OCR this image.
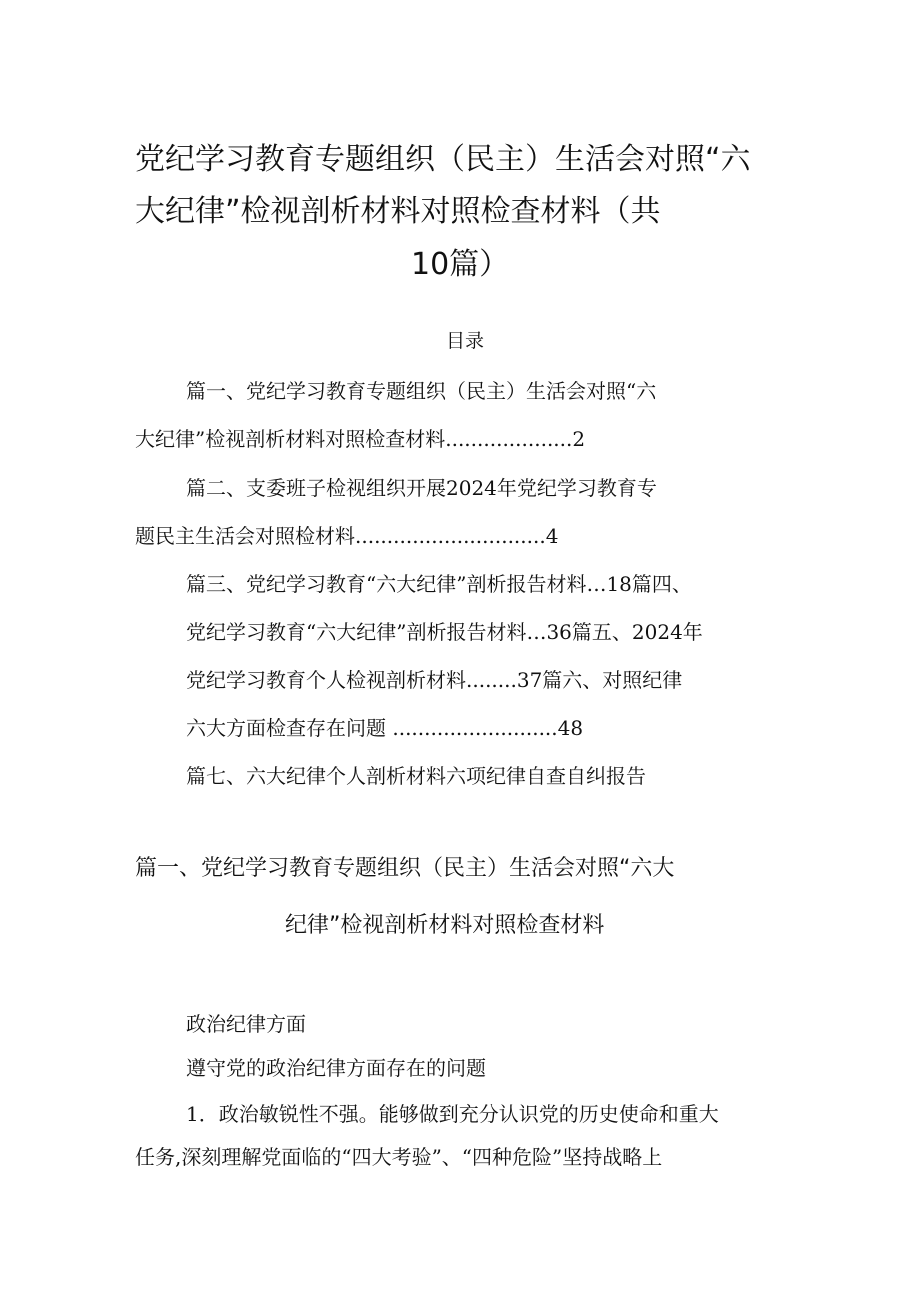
党纪学习教育专题组织（民主）生活会对照“六
大纪律”检视剖析材料对照检查材料（共
10篇）
目录
篇一、党纪学习教育专题组织（民主）生活会对照“六
大纪律”检视剖析材料对照检查材料....................2
篇二、支委班子检视组织开展2024年党纪学习教育专
题民主生活会对照检材料..............................4
篇三、党纪学习教育“六大纪律”剖析报告材料…18篇四、
党纪学习教育“六大纪律”剖析报告材料…36篇五、2024年
党纪学习教育个人检视剖析材料........37篇六、对照纪律
六大方面检查存在问题 ..........................48
篇七、六大纪律个人剖析材料六项纪律自查自纠报告
篇一、党纪学习教育专题组织（民主）生活会对照“六大
纪律”检视剖析材料对照检查材料
政治纪律方面
遵守党的政治纪律方面存在的问题
1．政治敏锐性不强。能够做到充分认识党的历史使命和重大
任务,深刻理解党面临的“四大考验”、“四种危险”坚持战略上
